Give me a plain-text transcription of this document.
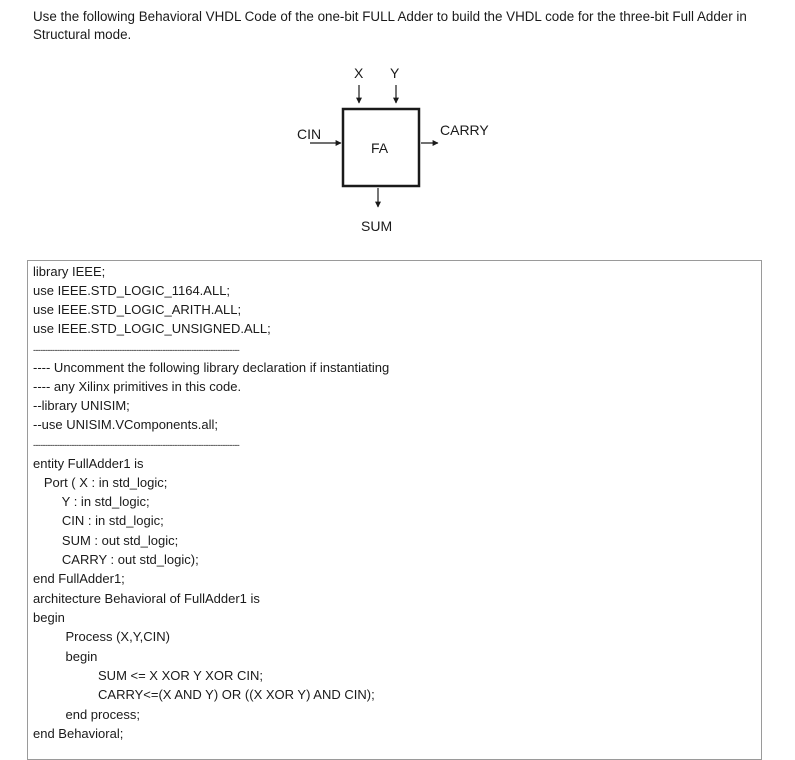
Use the following Behavioral VHDL Code of the one-bit FULL Adder to build the VHDL code for the three-bit Full Adder in Structural mode.
X Y
FA
CIN	CARRY
SUM
library IEEE;
use IEEE.STD_LOGIC_1164.ALL;
use IEEE.STD_LOGIC_ARITH.ALL;
use IEEE.STD_LOGIC_UNSIGNED.ALL;
--------------------------------------------------------------------------------------
---- Uncomment the following library declaration if instantiating
---- any Xilinx primitives in this code.
--library UNISIM;
--use UNISIM.VComponents.all;
--------------------------------------------------------------------------------------
entity FullAdder1 is
Port ( X : in std_logic;
Y : in std_logic;
CIN : in std_logic;
SUM : out std_logic;
CARRY : out std_logic);
end FullAdder1;
architecture Behavioral of FullAdder1 is
begin
Process (X,Y,CIN)
begin
SUM <= X XOR Y XOR CIN;
CARRY<=(X AND Y) OR ((X XOR Y) AND CIN);
end process;
end Behavioral;
